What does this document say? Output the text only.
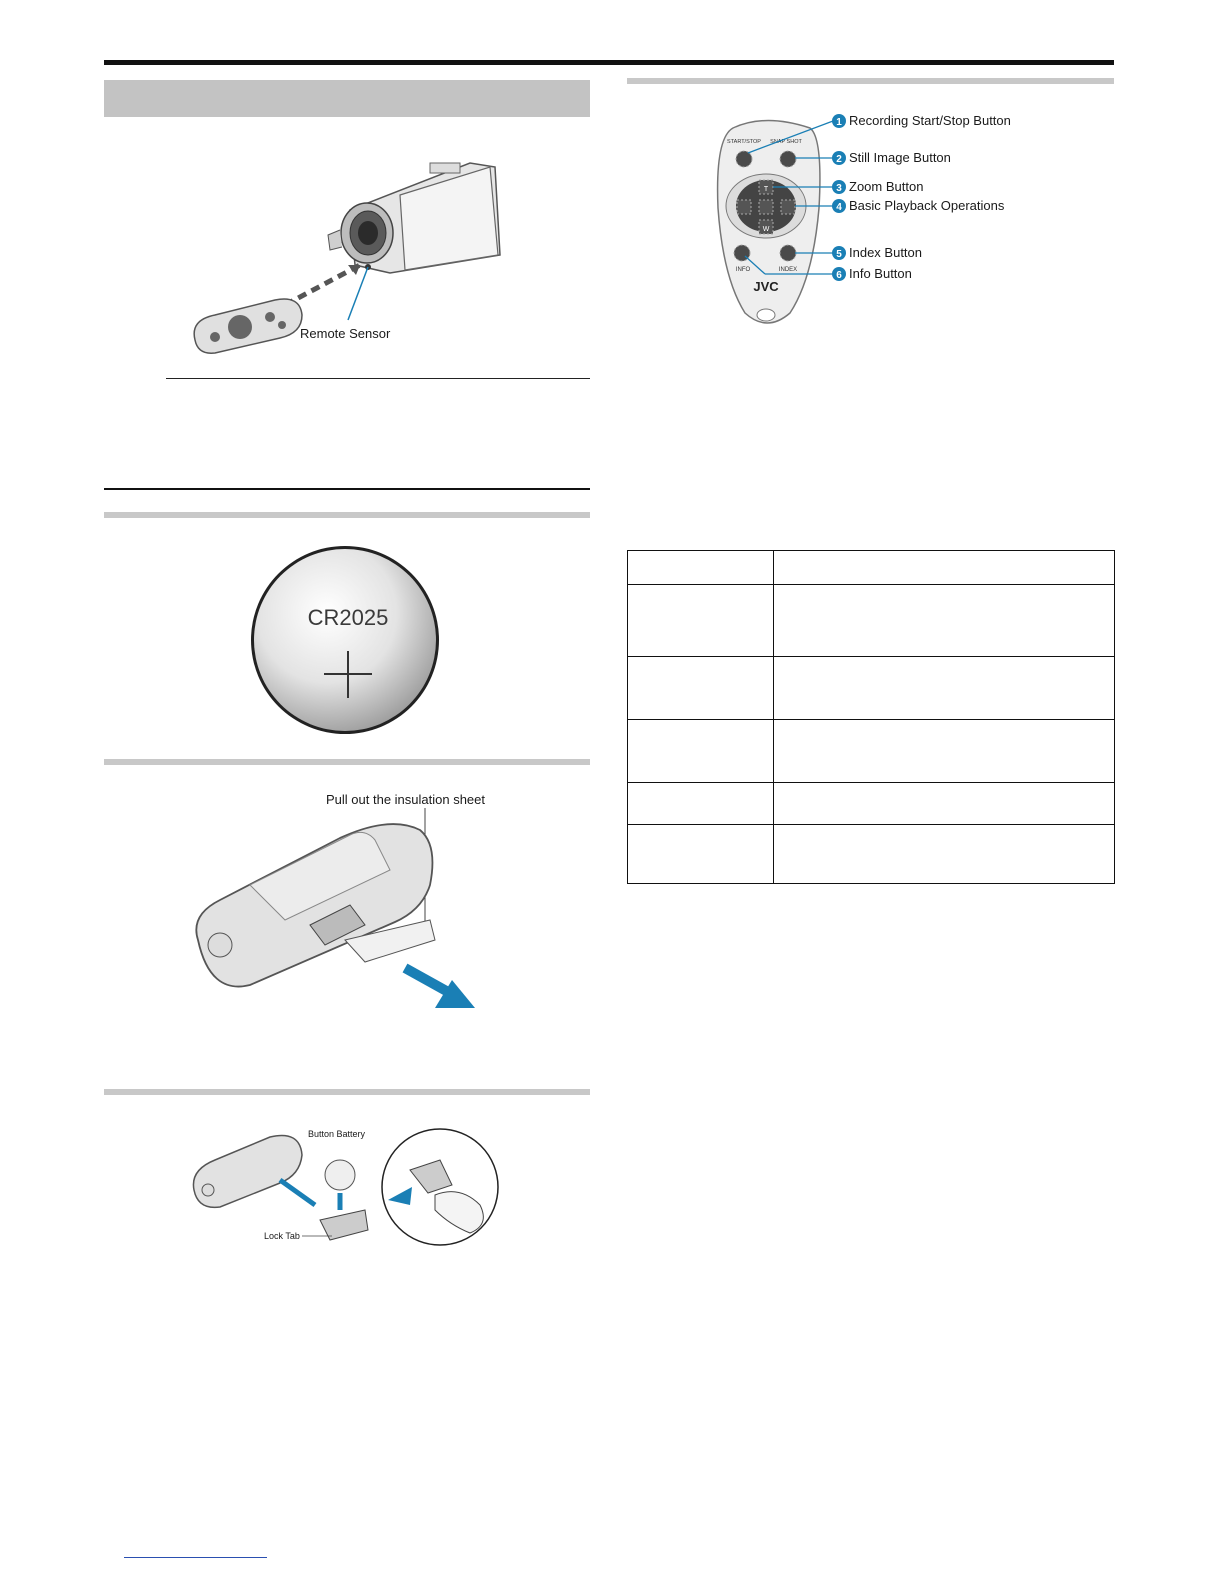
Remote Sensor
CR2025
Pull out the insulation sheet
Button Battery
Lock Tab
T
W
START/STOP SNAP SHOT
INFO	INDEX
JVC
1 Recording Start/Stop Button
2 Still Image Button
3 Zoom Button
4 Basic Playback Operations
5 Index Button
6 Info Button
